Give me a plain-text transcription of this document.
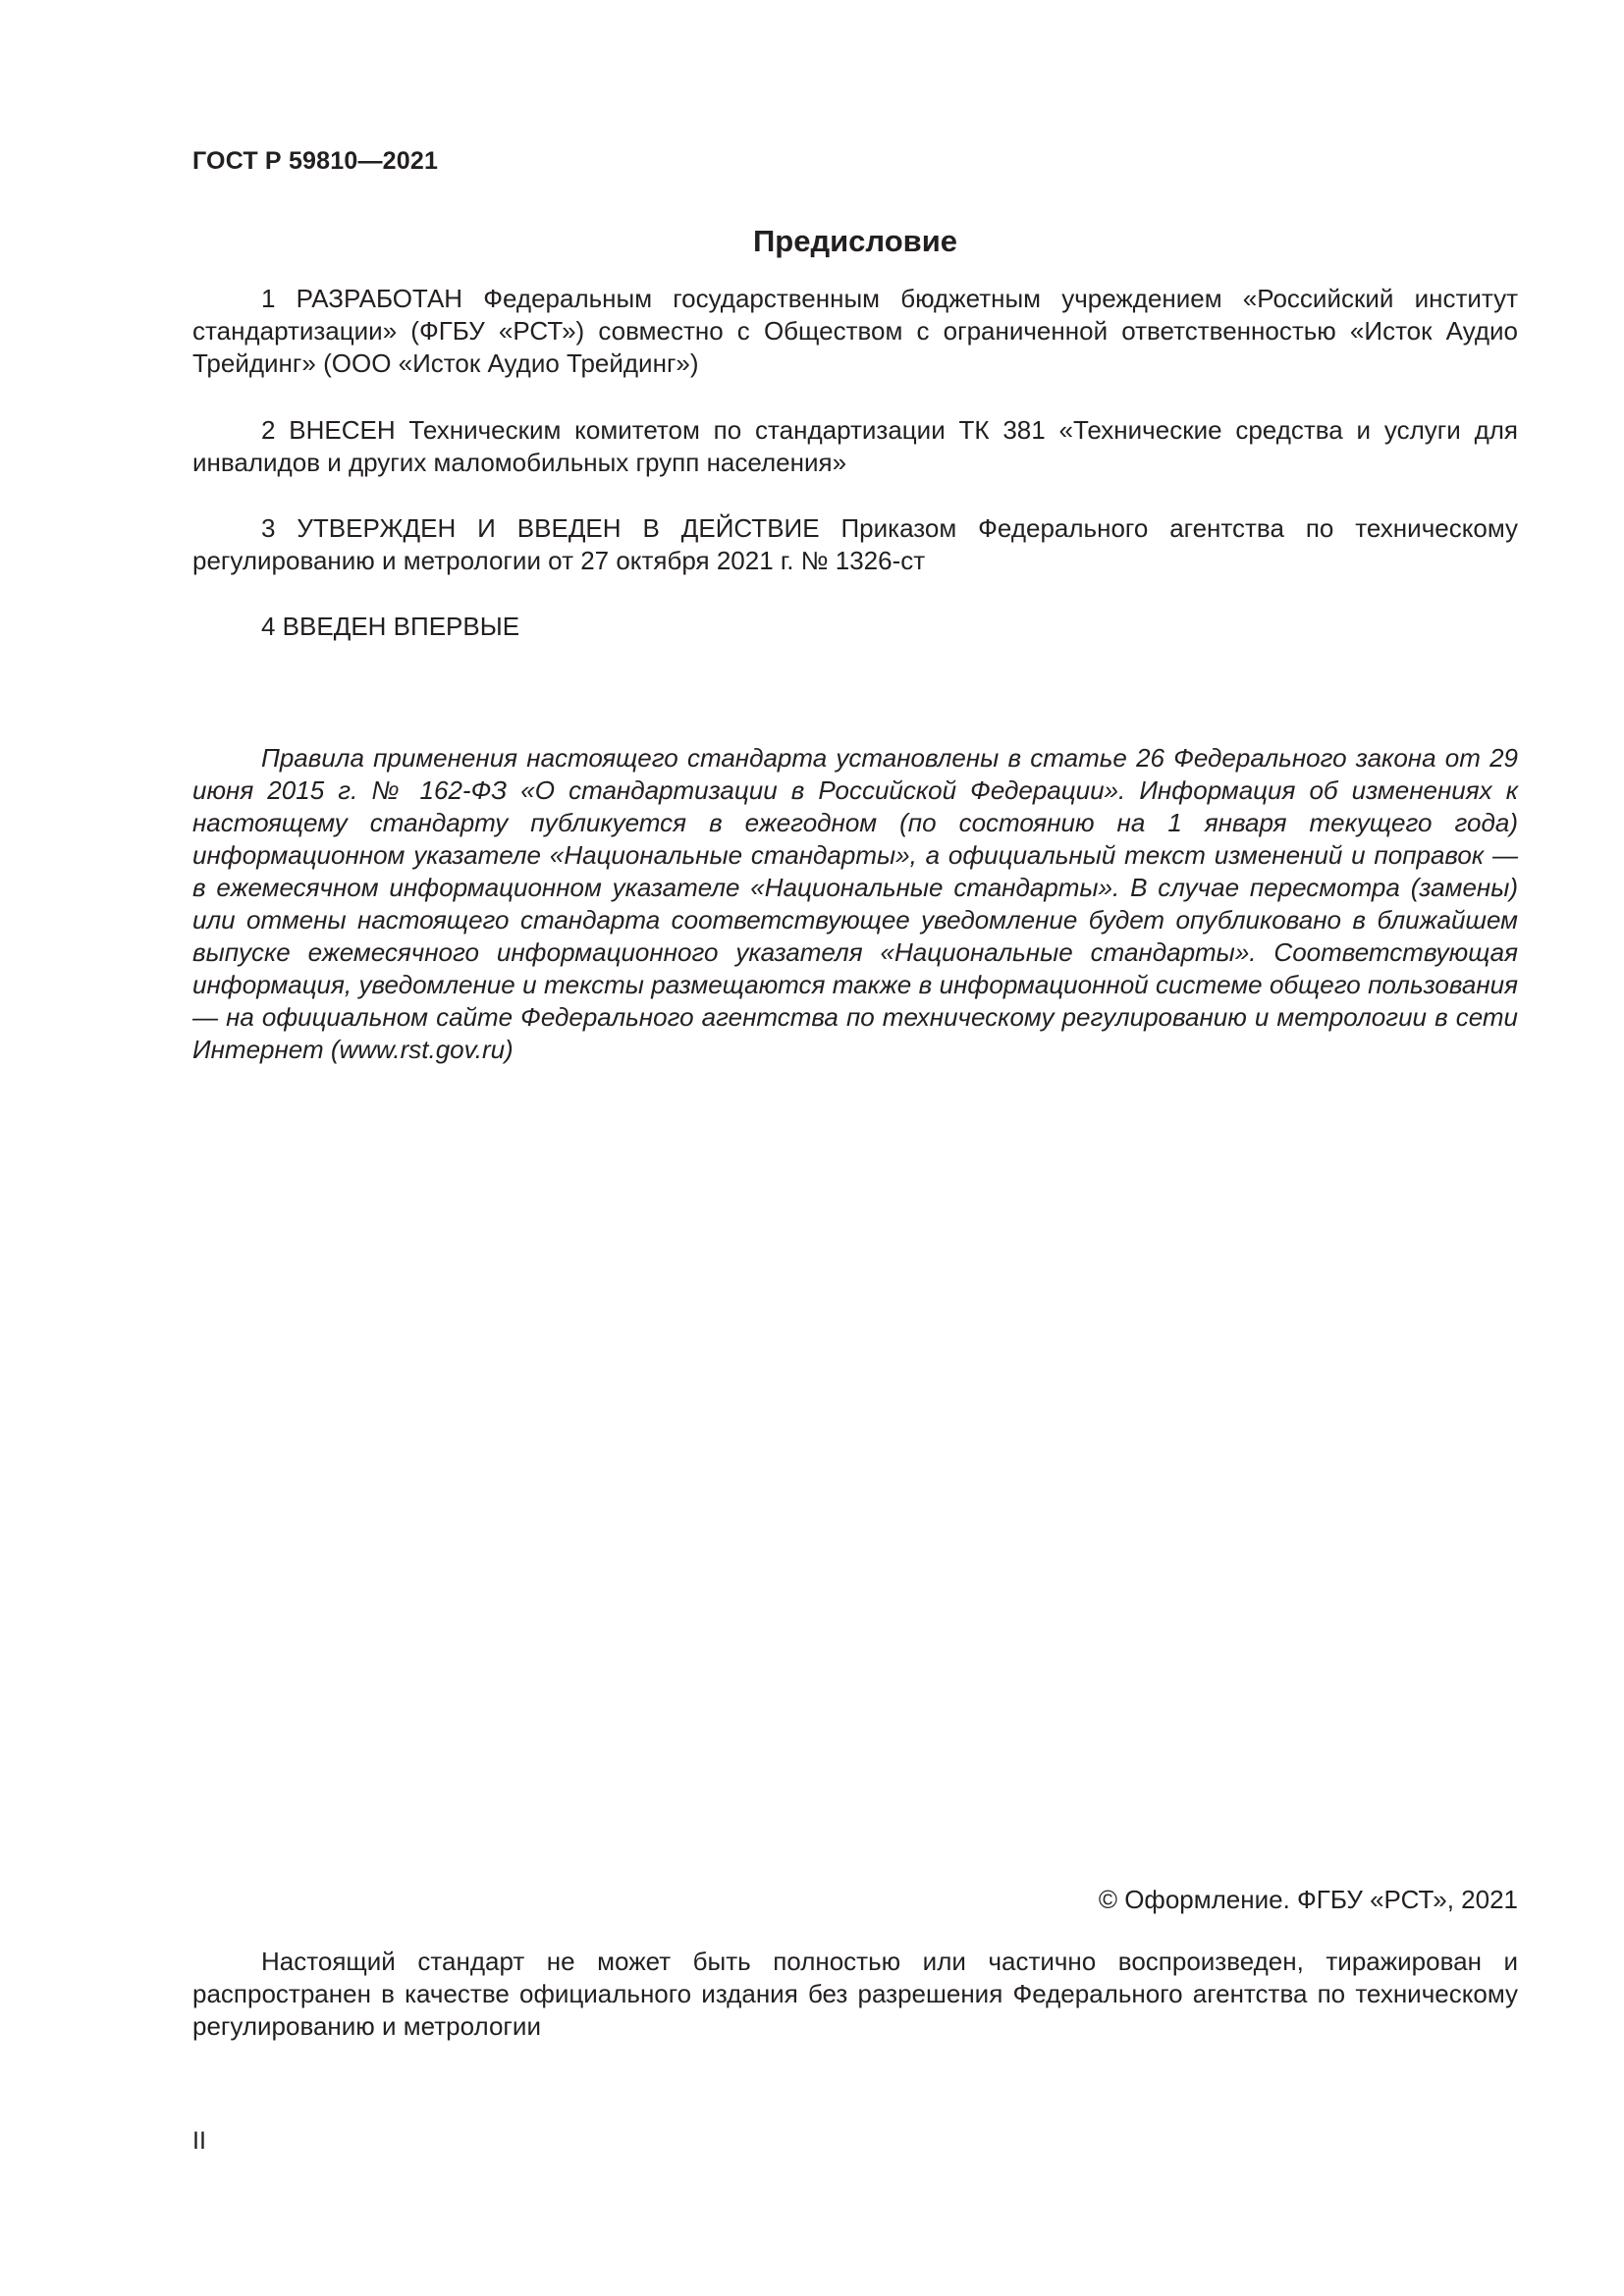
ГОСТ Р 59810—2021
Предисловие

1 РАЗРАБОТАН Федеральным государственным бюджетным учреждением «Российский институт стандартизации» (ФГБУ «РСТ») совместно с Обществом с ограниченной ответственностью «Исток Аудио Трейдинг» (ООО «Исток Аудио Трейдинг»)

2 ВНЕСЕН Техническим комитетом по стандартизации ТК 381 «Технические средства и услуги для инвалидов и других маломобильных групп населения»

3 УТВЕРЖДЕН И ВВЕДЕН В ДЕЙСТВИЕ Приказом Федерального агентства по техническому регулированию и метрологии от 27 октября 2021 г. № 1326-ст

4 ВВЕДЕН ВПЕРВЫЕ

Правила применения настоящего стандарта установлены в статье 26 Федерального закона от 29 июня 2015 г. № 162-ФЗ «О стандартизации в Российской Федерации». Информация об изменениях к настоящему стандарту публикуется в ежегодном (по состоянию на 1 января текущего года) информационном указателе «Национальные стандарты», а официальный текст изменений и поправок — в ежемесячном информационном указателе «Национальные стандарты». В случае пересмотра (замены) или отмены настоящего стандарта соответствующее уведомление будет опубликовано в ближайшем выпуске ежемесячного информационного указателя «Национальные стандарты». Соответствующая информация, уведомление и тексты размещаются также в информационной системе общего пользования — на официальном сайте Федерального агентства по техническому регулированию и метрологии в сети Интернет (www.rst.gov.ru)

© Оформление. ФГБУ «РСТ», 2021

Настоящий стандарт не может быть полностью или частично воспроизведен, тиражирован и распространен в качестве официального издания без разрешения Федерального агентства по техническому регулированию и метрологии

II
